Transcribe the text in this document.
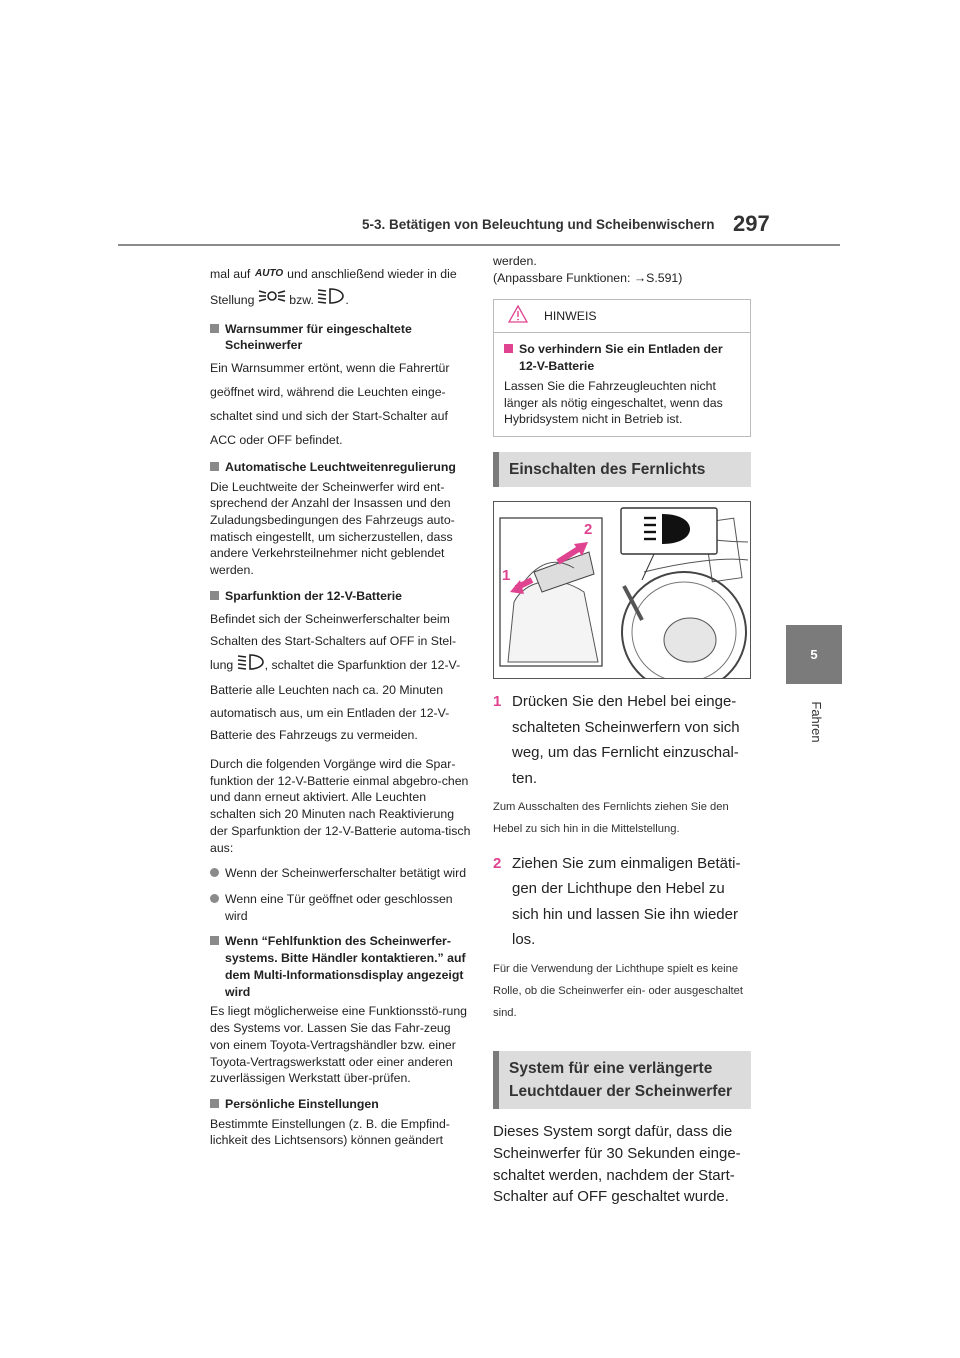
5-3. Betätigen von Beleuchtung und Scheibenwischern 297
5
Fahren
mal auf AUTO und anschließend wieder in die
Stellung	bzw.	.
Warnsummer für eingeschaltete Scheinwerfer
Ein Warnsummer ertönt, wenn die Fahrertür geöffnet wird, während die Leuchten einge-schaltet sind und sich der Start-Schalter auf ACC oder OFF befindet.
Automatische Leuchtweitenregulierung
Die Leuchtweite der Scheinwerfer wird ent-sprechend der Anzahl der Insassen und den Zuladungsbedingungen des Fahrzeugs auto-matisch eingestellt, um sicherzustellen, dass andere Verkehrsteilnehmer nicht geblendet werden.
Sparfunktion der 12-V-Batterie
Befindet sich der Scheinwerferschalter beim Schalten des Start-Schalters auf OFF in Stel-lung	, schaltet die Sparfunktion der 12-V-Batterie alle Leuchten nach ca. 20 Minuten automatisch aus, um ein Entladen der 12-V-Batterie des Fahrzeugs zu vermeiden.
Durch die folgenden Vorgänge wird die Spar-funktion der 12-V-Batterie einmal abgebro-chen und dann erneut aktiviert. Alle Leuchten schalten sich 20 Minuten nach Reaktivierung der Sparfunktion der 12-V-Batterie automa-tisch aus:
Wenn der Scheinwerferschalter betätigt wird
Wenn eine Tür geöffnet oder geschlossen wird
Wenn “Fehlfunktion des Scheinwerfer-systems. Bitte Händler kontaktieren.” auf dem Multi-Informationsdisplay angezeigt wird
Es liegt möglicherweise eine Funktionsstö-rung des Systems vor. Lassen Sie das Fahr-zeug von einem Toyota-Vertragshändler bzw. einer Toyota-Vertragswerkstatt oder einer anderen zuverlässigen Werkstatt über-prüfen.
Persönliche Einstellungen
Bestimmte Einstellungen (z. B. die Empfind-lichkeit des Lichtsensors) können geändert
werden.
(Anpassbare Funktionen: →S.591)
HINWEIS
So verhindern Sie ein Entladen der 12-V-Batterie
Lassen Sie die Fahrzeugleuchten nicht länger als nötig eingeschaltet, wenn das Hybridsystem nicht in Betrieb ist.
Einschalten des Fernlichts
1
2
1 Drücken Sie den Hebel bei einge-schalteten Scheinwerfern von sich weg, um das Fernlicht einzuschal-ten.
Zum Ausschalten des Fernlichts ziehen Sie den Hebel zu sich hin in die Mittelstellung.
2 Ziehen Sie zum einmaligen Betäti-gen der Lichthupe den Hebel zu sich hin und lassen Sie ihn wieder los.
Für die Verwendung der Lichthupe spielt es keine Rolle, ob die Scheinwerfer ein- oder ausgeschaltet sind.
System für eine verlängerte Leuchtdauer der Scheinwerfer
Dieses System sorgt dafür, dass die Scheinwerfer für 30 Sekunden einge-schaltet werden, nachdem der Start-Schalter auf OFF geschaltet wurde.
